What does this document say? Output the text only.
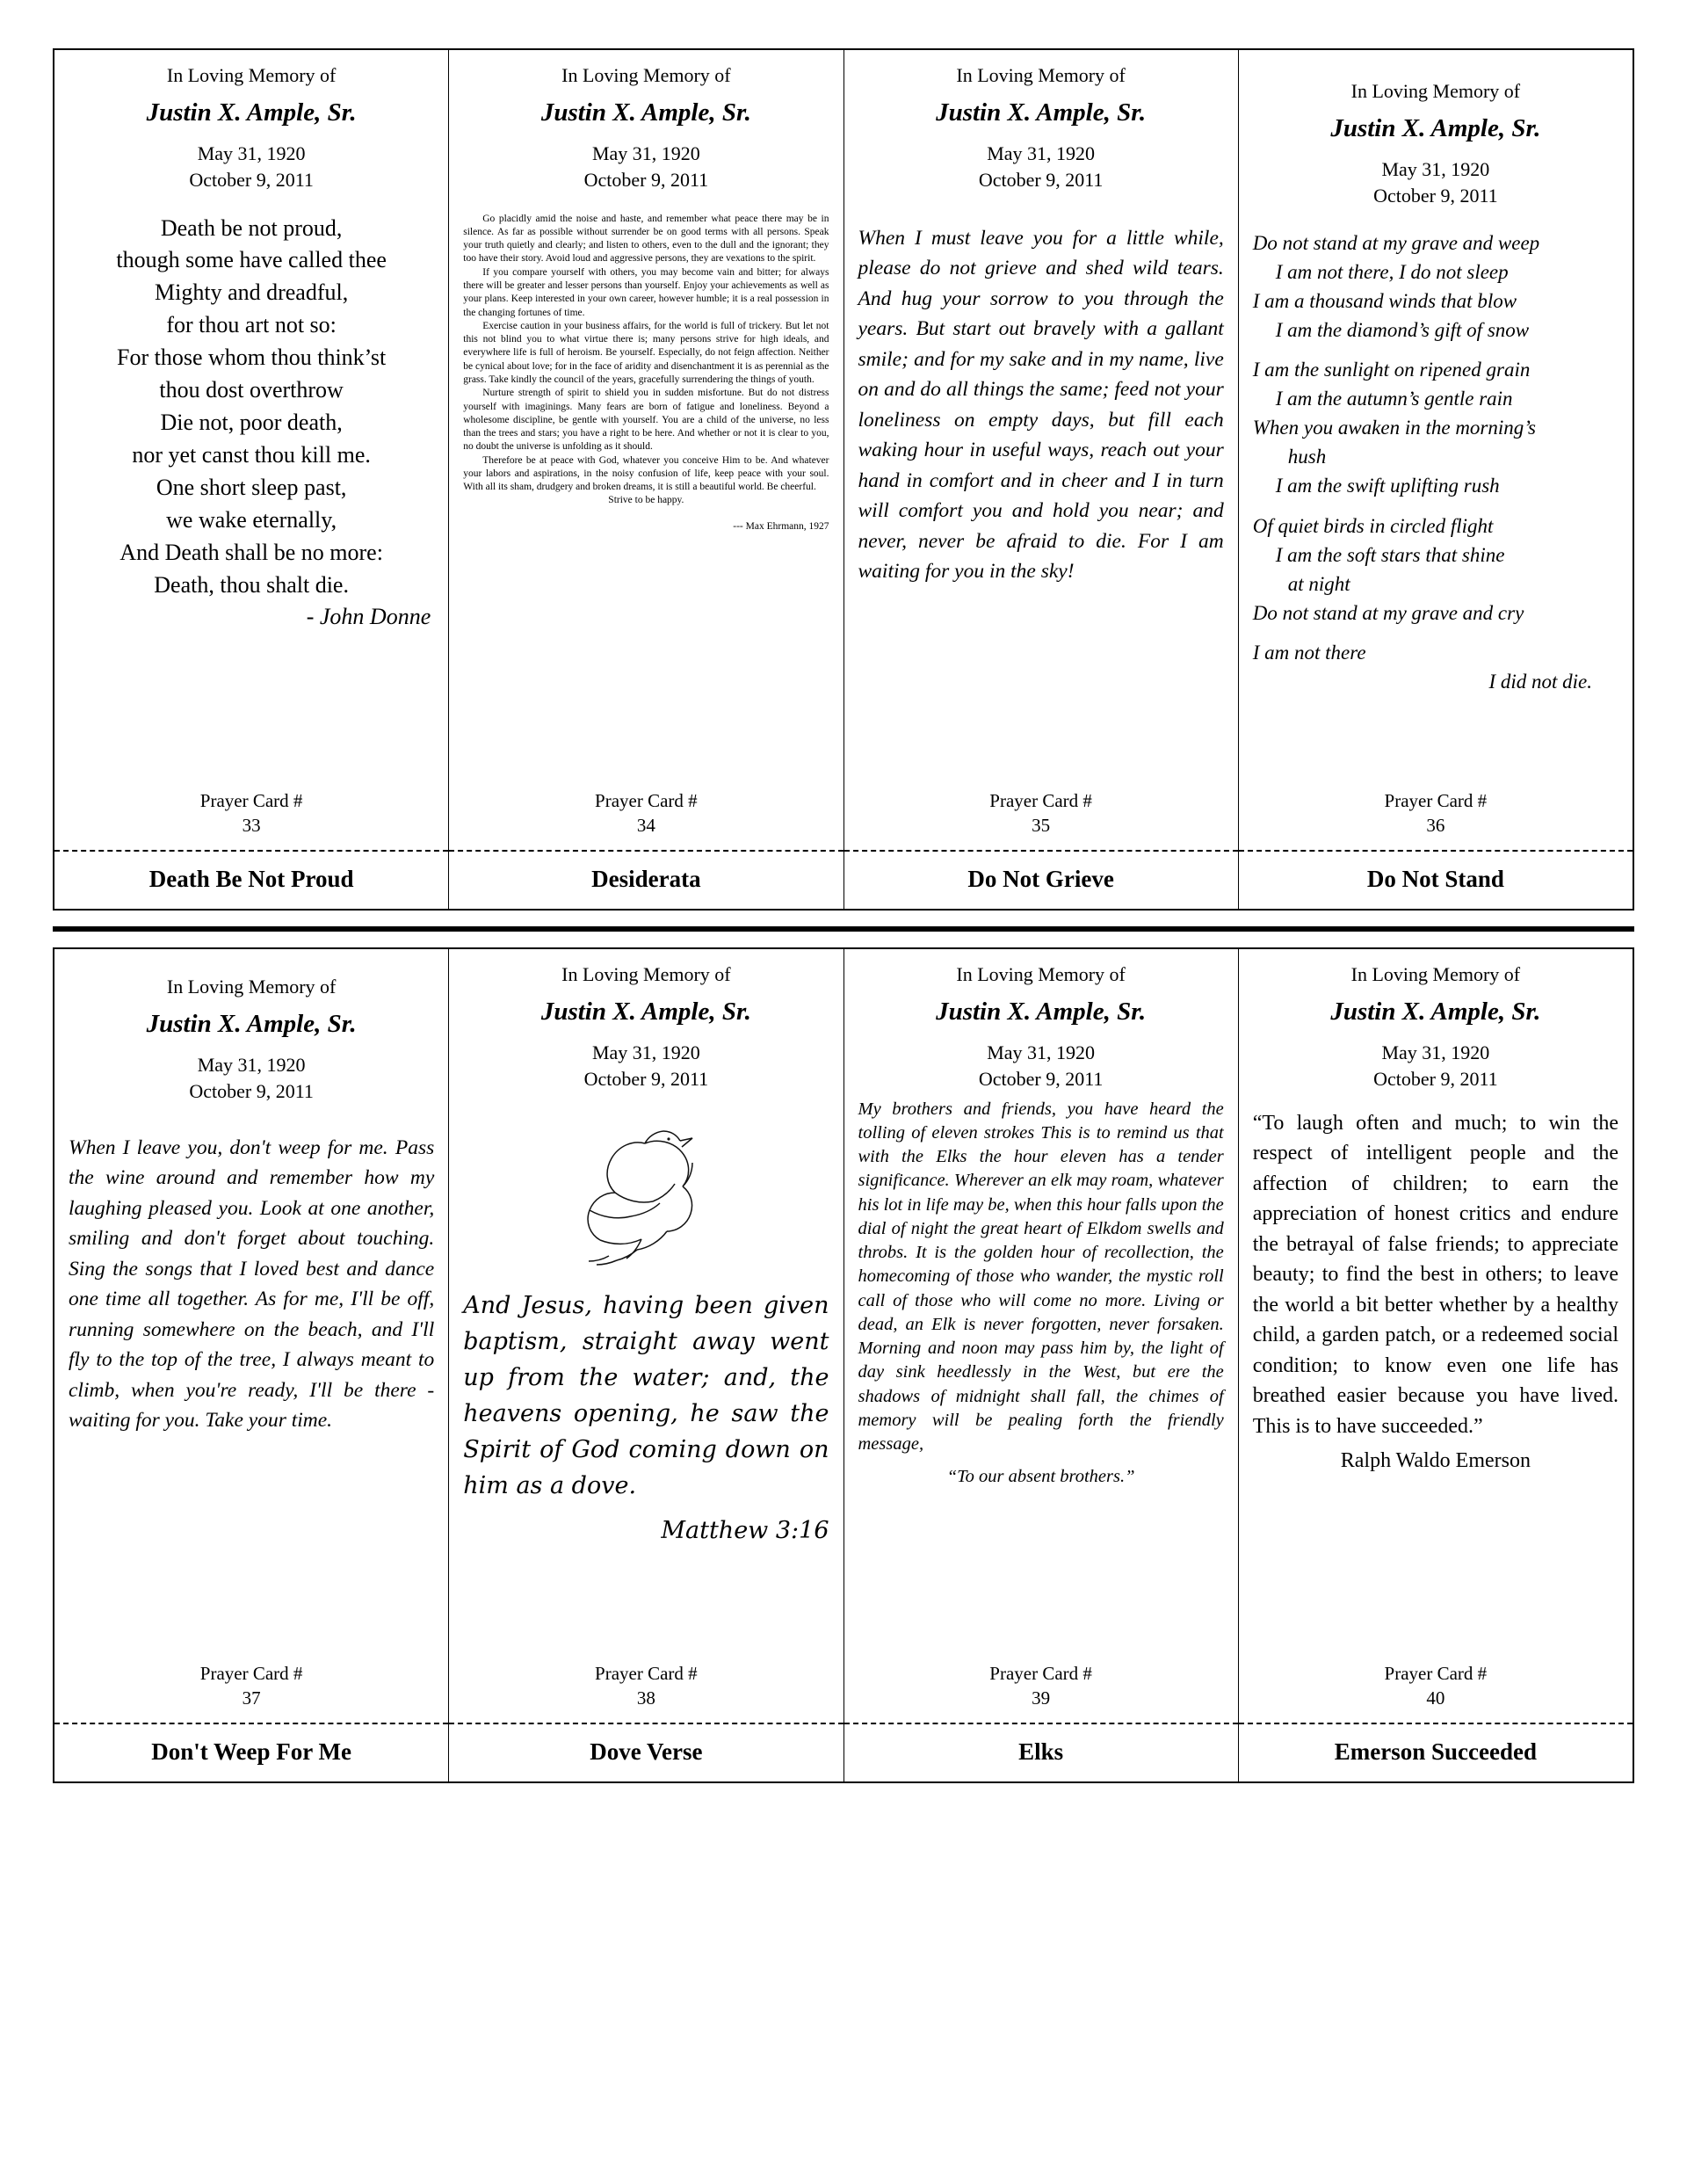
In Loving Memory of
Justin X. Ample, Sr.
May 31, 1920
October 9, 2011
Death be not proud,
though some have called thee
Mighty and dreadful,
for thou art not so:
For those whom thou think’st
thou dost overthrow
Die not, poor death,
nor yet canst thou kill me.
One short sleep past,
we wake eternally,
And Death shall be no more:
Death, thou shalt die.
- John Donne
Prayer Card #
33
Death Be Not Proud
In Loving Memory of
Justin X. Ample, Sr.
May 31, 1920
October 9, 2011

Go placidly amid the noise and haste, and remember what peace there may be in silence. As far as possible without surrender be on good terms with all persons. Speak your truth quietly and clearly; and listen to others, even to the dull and the ignorant; they too have their story. Avoid loud and aggressive persons, they are vexations to the spirit.

If you compare yourself with others, you may become vain and bitter; for always there will be greater and lesser persons than yourself. Enjoy your achievements as well as your plans. Keep interested in your own career, however humble; it is a real possession in the changing fortunes of time.

Exercise caution in your business affairs, for the world is full of trickery. But let not this not blind you to what virtue there is; many persons strive for high ideals, and everywhere life is full of heroism. Be yourself. Especially, do not feign affection. Neither be cynical about love; for in the face of aridity and disenchantment it is as perennial as the grass. Take kindly the council of the years, gracefully surrendering the things of youth.

Nurture strength of spirit to shield you in sudden misfortune. But do not distress yourself with imaginings. Many fears are born of fatigue and loneliness. Beyond a wholesome discipline, be gentle with yourself. You are a child of the universe, no less than the trees and stars; you have a right to be here. And whether or not it is clear to you, no doubt the universe is unfolding as it should.

Therefore be at peace with God, whatever you conceive Him to be. And whatever your labors and aspirations, in the noisy confusion of life, keep peace with your soul. With all its sham, drudgery and broken dreams, it is still a beautiful world. Be cheerful.

Strive to be happy.

--- Max Ehrmann, 1927

Prayer Card #
34
Desiderata
In Loving Memory of
Justin X. Ample, Sr.
May 31, 1920
October 9, 2011
When I must leave you for a little while, please do not grieve and shed wild tears. And hug your sorrow to you through the years. But start out bravely with a gallant smile; and for my sake and in my name, live on and do all things the same; feed not your loneliness on empty days, but fill each waking hour in useful ways, reach out your hand in comfort and in cheer and I in turn will comfort you and hold you near; and never, never be afraid to die. For I am waiting for you in the sky!
Prayer Card #
35
Do Not Grieve
In Loving Memory of
Justin X. Ample, Sr.
May 31, 1920
October 9, 2011
Do not stand at my grave and weep
I am not there, I do not sleep
I am a thousand winds that blow
I am the diamond’s gift of snow
I am the sunlight on ripened grain
I am the autumn’s gentle rain
When you awaken in the morning’s
hush
I am the swift uplifting rush
Of quiet birds in circled flight
I am the soft stars that shine
at night
Do not stand at my grave and cry
I am not there
I did not die.
Prayer Card #
36
Do Not Stand
In Loving Memory of
Justin X. Ample, Sr.
May 31, 1920
October 9, 2011
When I leave you, don't weep for me. Pass the wine around and remember how my laughing pleased you. Look at one another, smiling and don't forget about touching. Sing the songs that I loved best and dance one time all together. As for me, I'll be off, running somewhere on the beach, and I'll fly to the top of the tree, I always meant to climb, when you're ready, I'll be there -waiting for you. Take your time.
Prayer Card #
37
Don't Weep For Me
In Loving Memory of
Justin X. Ample, Sr.
May 31, 1920
October 9, 2011
And Jesus, having been given baptism, straight away went up from the water; and, the heavens opening, he saw the Spirit of God coming down on him as a dove.
Matthew 3:16
Prayer Card #
38
Dove Verse
In Loving Memory of
Justin X. Ample, Sr.
May 31, 1920
October 9, 2011
My brothers and friends, you have heard the tolling of eleven strokes This is to remind us that with the Elks the hour eleven has a tender significance. Wherever an elk may roam, whatever his lot in life may be, when this hour falls upon the dial of night the great heart of Elkdom swells and throbs. It is the golden hour of recollection, the homecoming of those who wander, the mystic roll call of those who will come no more. Living or dead, an Elk is never forgotten, never forsaken. Morning and noon may pass him by, the light of day sink heedlessly in the West, but ere the shadows of midnight shall fall, the chimes of memory will be pealing forth the friendly message,
“To our absent brothers.”
Prayer Card #
39
Elks
In Loving Memory of
Justin X. Ample, Sr.
May 31, 1920
October 9, 2011
“To laugh often and much; to win the respect of intelligent people and the affection of children; to earn the appreciation of honest critics and endure the betrayal of false friends; to appreciate beauty; to find the best in others; to leave the world a bit better whether by a healthy child, a garden patch, or a redeemed social condition; to know even one life has breathed easier because you have lived. This is to have succeeded.”
Ralph Waldo Emerson
Prayer Card #
40
Emerson Succeeded
